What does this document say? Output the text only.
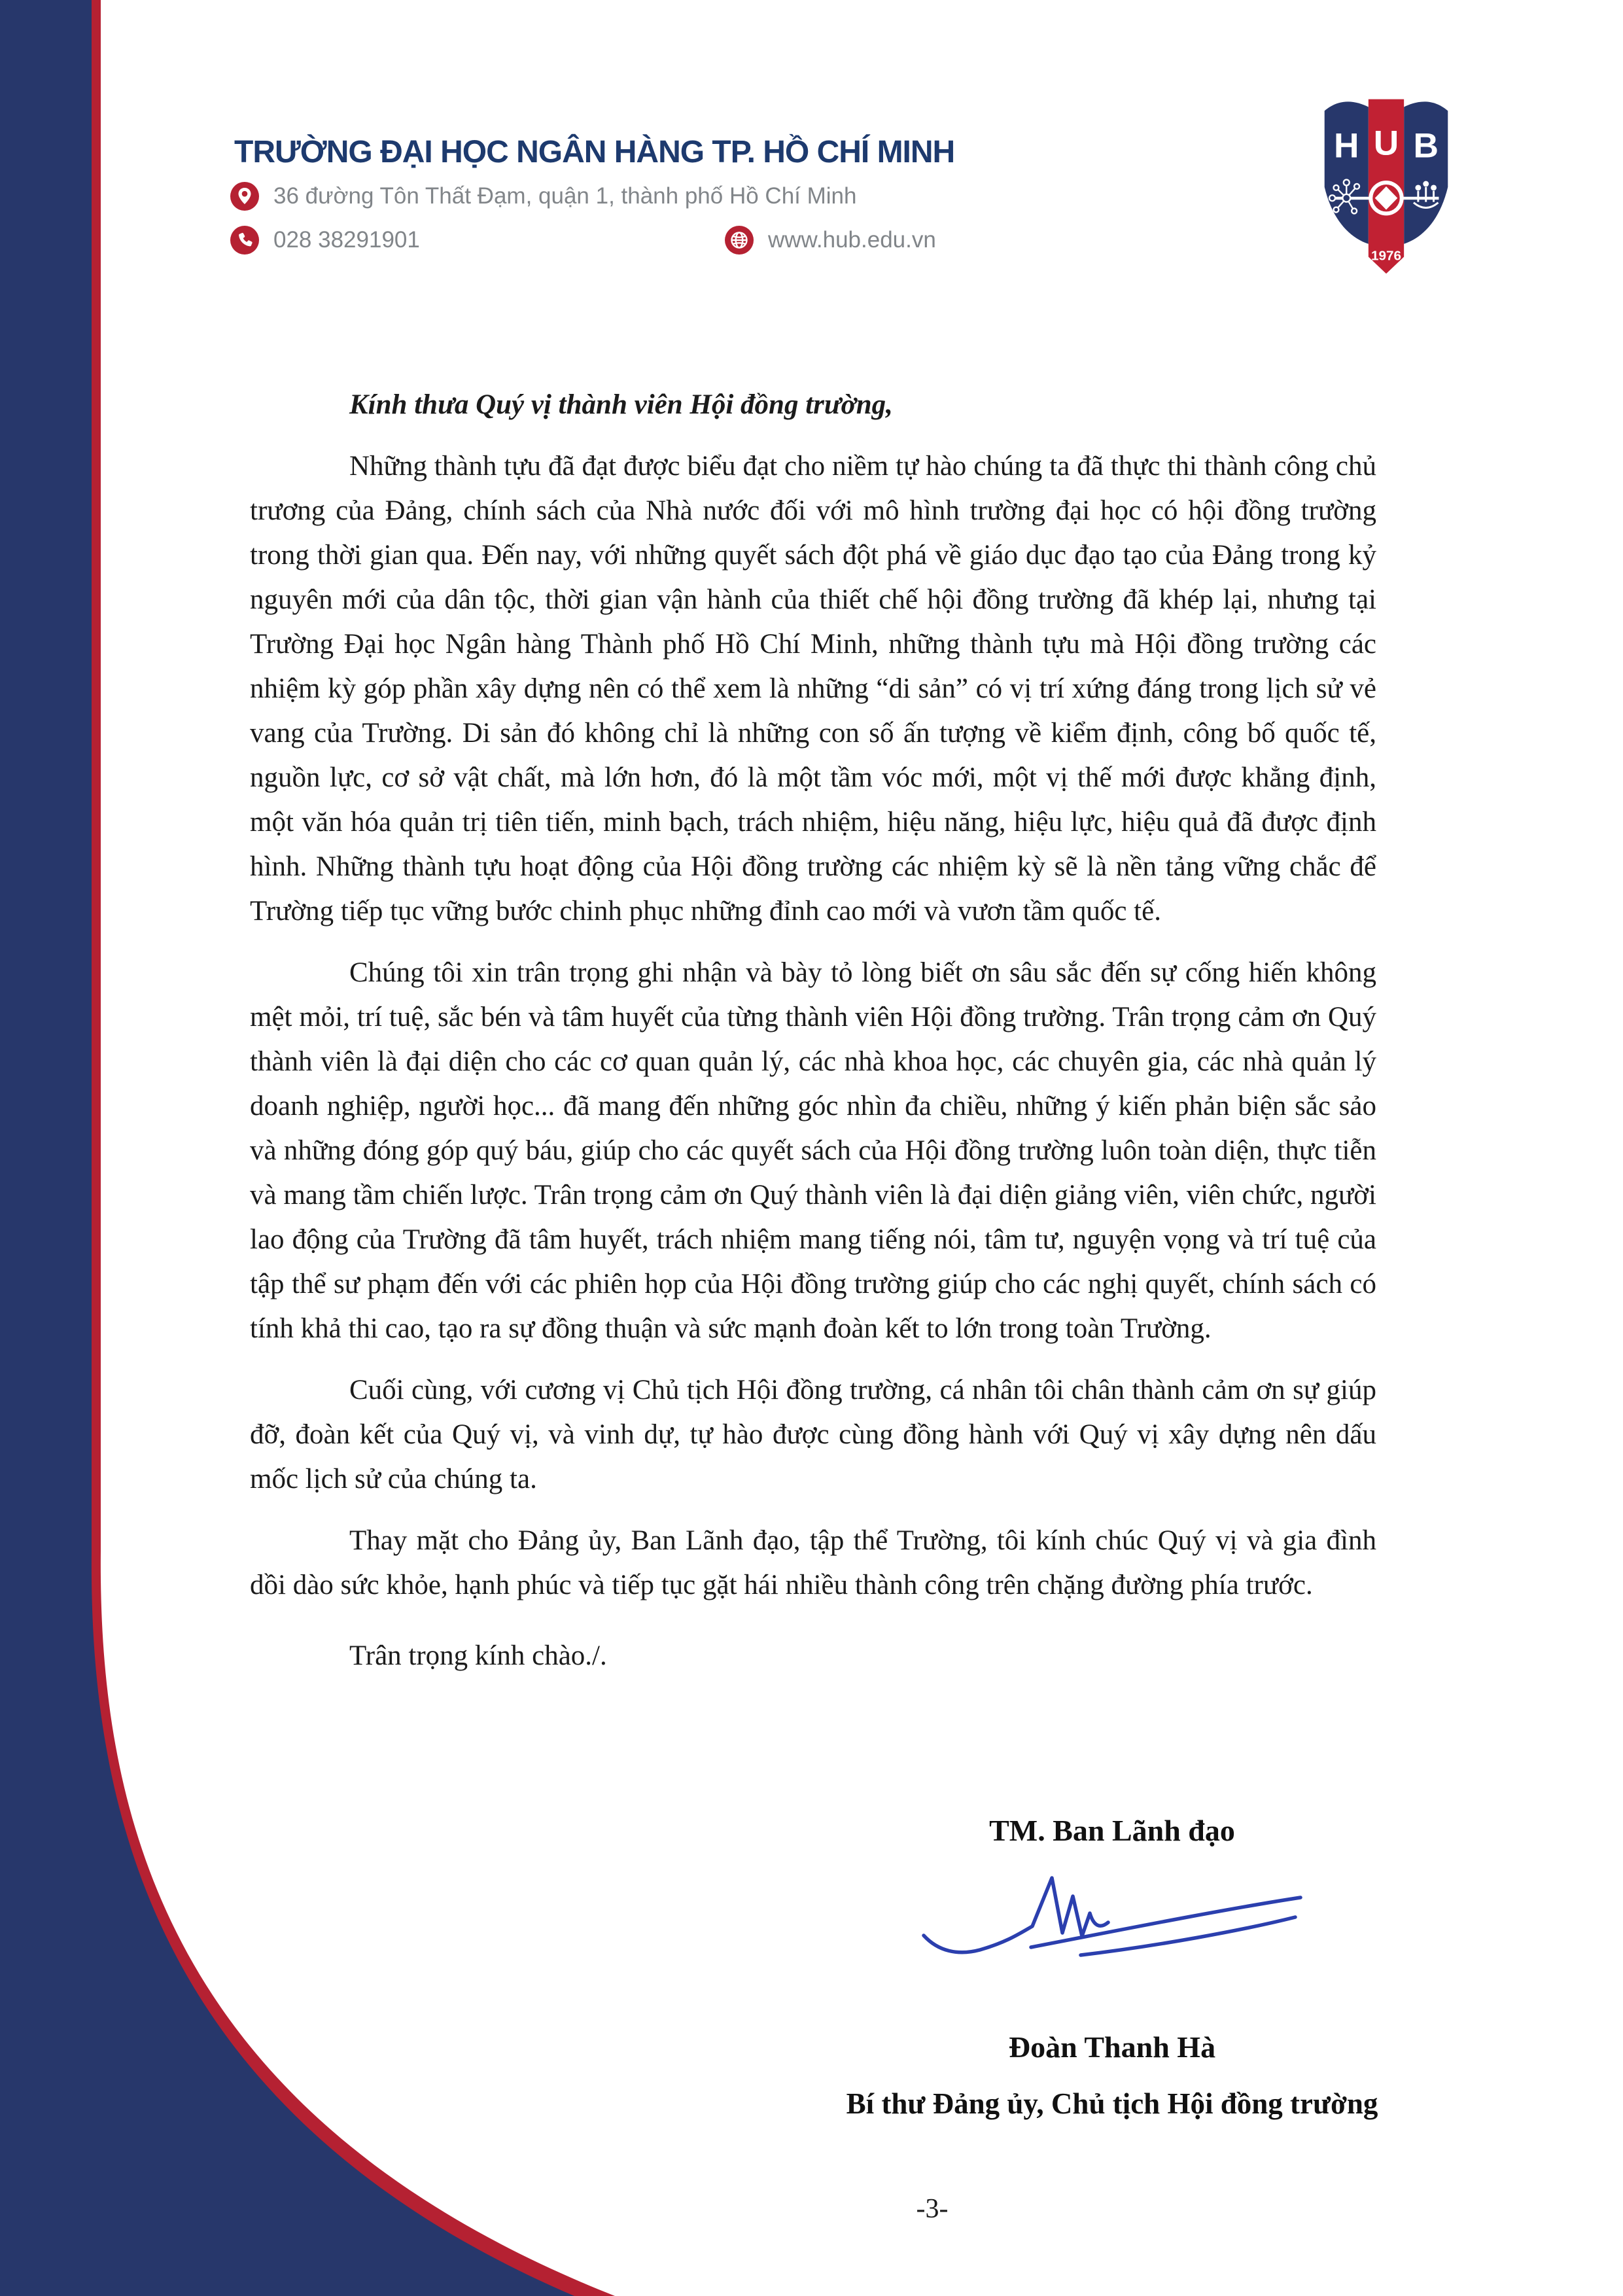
TRƯỜNG ĐẠI HỌC NGÂN HÀNG TP. HỒ CHÍ MINH
36 đường Tôn Thất Đạm, quận 1, thành phố Hồ Chí Minh
028 38291901	www.hub.edu.vn
H U B
1976

Kính thưa Quý vị thành viên Hội đồng trường,

Những thành tựu đã đạt được biểu đạt cho niềm tự hào chúng ta đã thực thi thành công chủ trương của Đảng, chính sách của Nhà nước đối với mô hình trường đại học có hội đồng trường trong thời gian qua. Đến nay, với những quyết sách đột phá về giáo dục đạo tạo của Đảng trong kỷ nguyên mới của dân tộc, thời gian vận hành của thiết chế hội đồng trường đã khép lại, nhưng tại Trường Đại học Ngân hàng Thành phố Hồ Chí Minh, những thành tựu mà Hội đồng trường các nhiệm kỳ góp phần xây dựng nên có thể xem là những “di sản” có vị trí xứng đáng trong lịch sử vẻ vang của Trường. Di sản đó không chỉ là những con số ấn tượng về kiểm định, công bố quốc tế, nguồn lực, cơ sở vật chất, mà lớn hơn, đó là một tầm vóc mới, một vị thế mới được khẳng định, một văn hóa quản trị tiên tiến, minh bạch, trách nhiệm, hiệu năng, hiệu lực, hiệu quả đã được định hình. Những thành tựu hoạt động của Hội đồng trường các nhiệm kỳ sẽ là nền tảng vững chắc để Trường tiếp tục vững bước chinh phục những đỉnh cao mới và vươn tầm quốc tế.

Chúng tôi xin trân trọng ghi nhận và bày tỏ lòng biết ơn sâu sắc đến sự cống hiến không mệt mỏi, trí tuệ, sắc bén và tâm huyết của từng thành viên Hội đồng trường. Trân trọng cảm ơn Quý thành viên là đại diện cho các cơ quan quản lý, các nhà khoa học, các chuyên gia, các nhà quản lý doanh nghiệp, người học... đã mang đến những góc nhìn đa chiều, những ý kiến phản biện sắc sảo và những đóng góp quý báu, giúp cho các quyết sách của Hội đồng trường luôn toàn diện, thực tiễn và mang tầm chiến lược. Trân trọng cảm ơn Quý thành viên là đại diện giảng viên, viên chức, người lao động của Trường đã tâm huyết, trách nhiệm mang tiếng nói, tâm tư, nguyện vọng và trí tuệ của tập thể sư phạm đến với các phiên họp của Hội đồng trường giúp cho các nghị quyết, chính sách có tính khả thi cao, tạo ra sự đồng thuận và sức mạnh đoàn kết to lớn trong toàn Trường.

Cuối cùng, với cương vị Chủ tịch Hội đồng trường, cá nhân tôi chân thành cảm ơn sự giúp đỡ, đoàn kết của Quý vị, và vinh dự, tự hào được cùng đồng hành với Quý vị xây dựng nên dấu mốc lịch sử của chúng ta.

Thay mặt cho Đảng ủy, Ban Lãnh đạo, tập thể Trường, tôi kính chúc Quý vị và gia đình dồi dào sức khỏe, hạnh phúc và tiếp tục gặt hái nhiều thành công trên chặng đường phía trước.

Trân trọng kính chào./.

TM. Ban Lãnh đạo
Đoàn Thanh Hà
Bí thư Đảng ủy, Chủ tịch Hội đồng trường
-3-
